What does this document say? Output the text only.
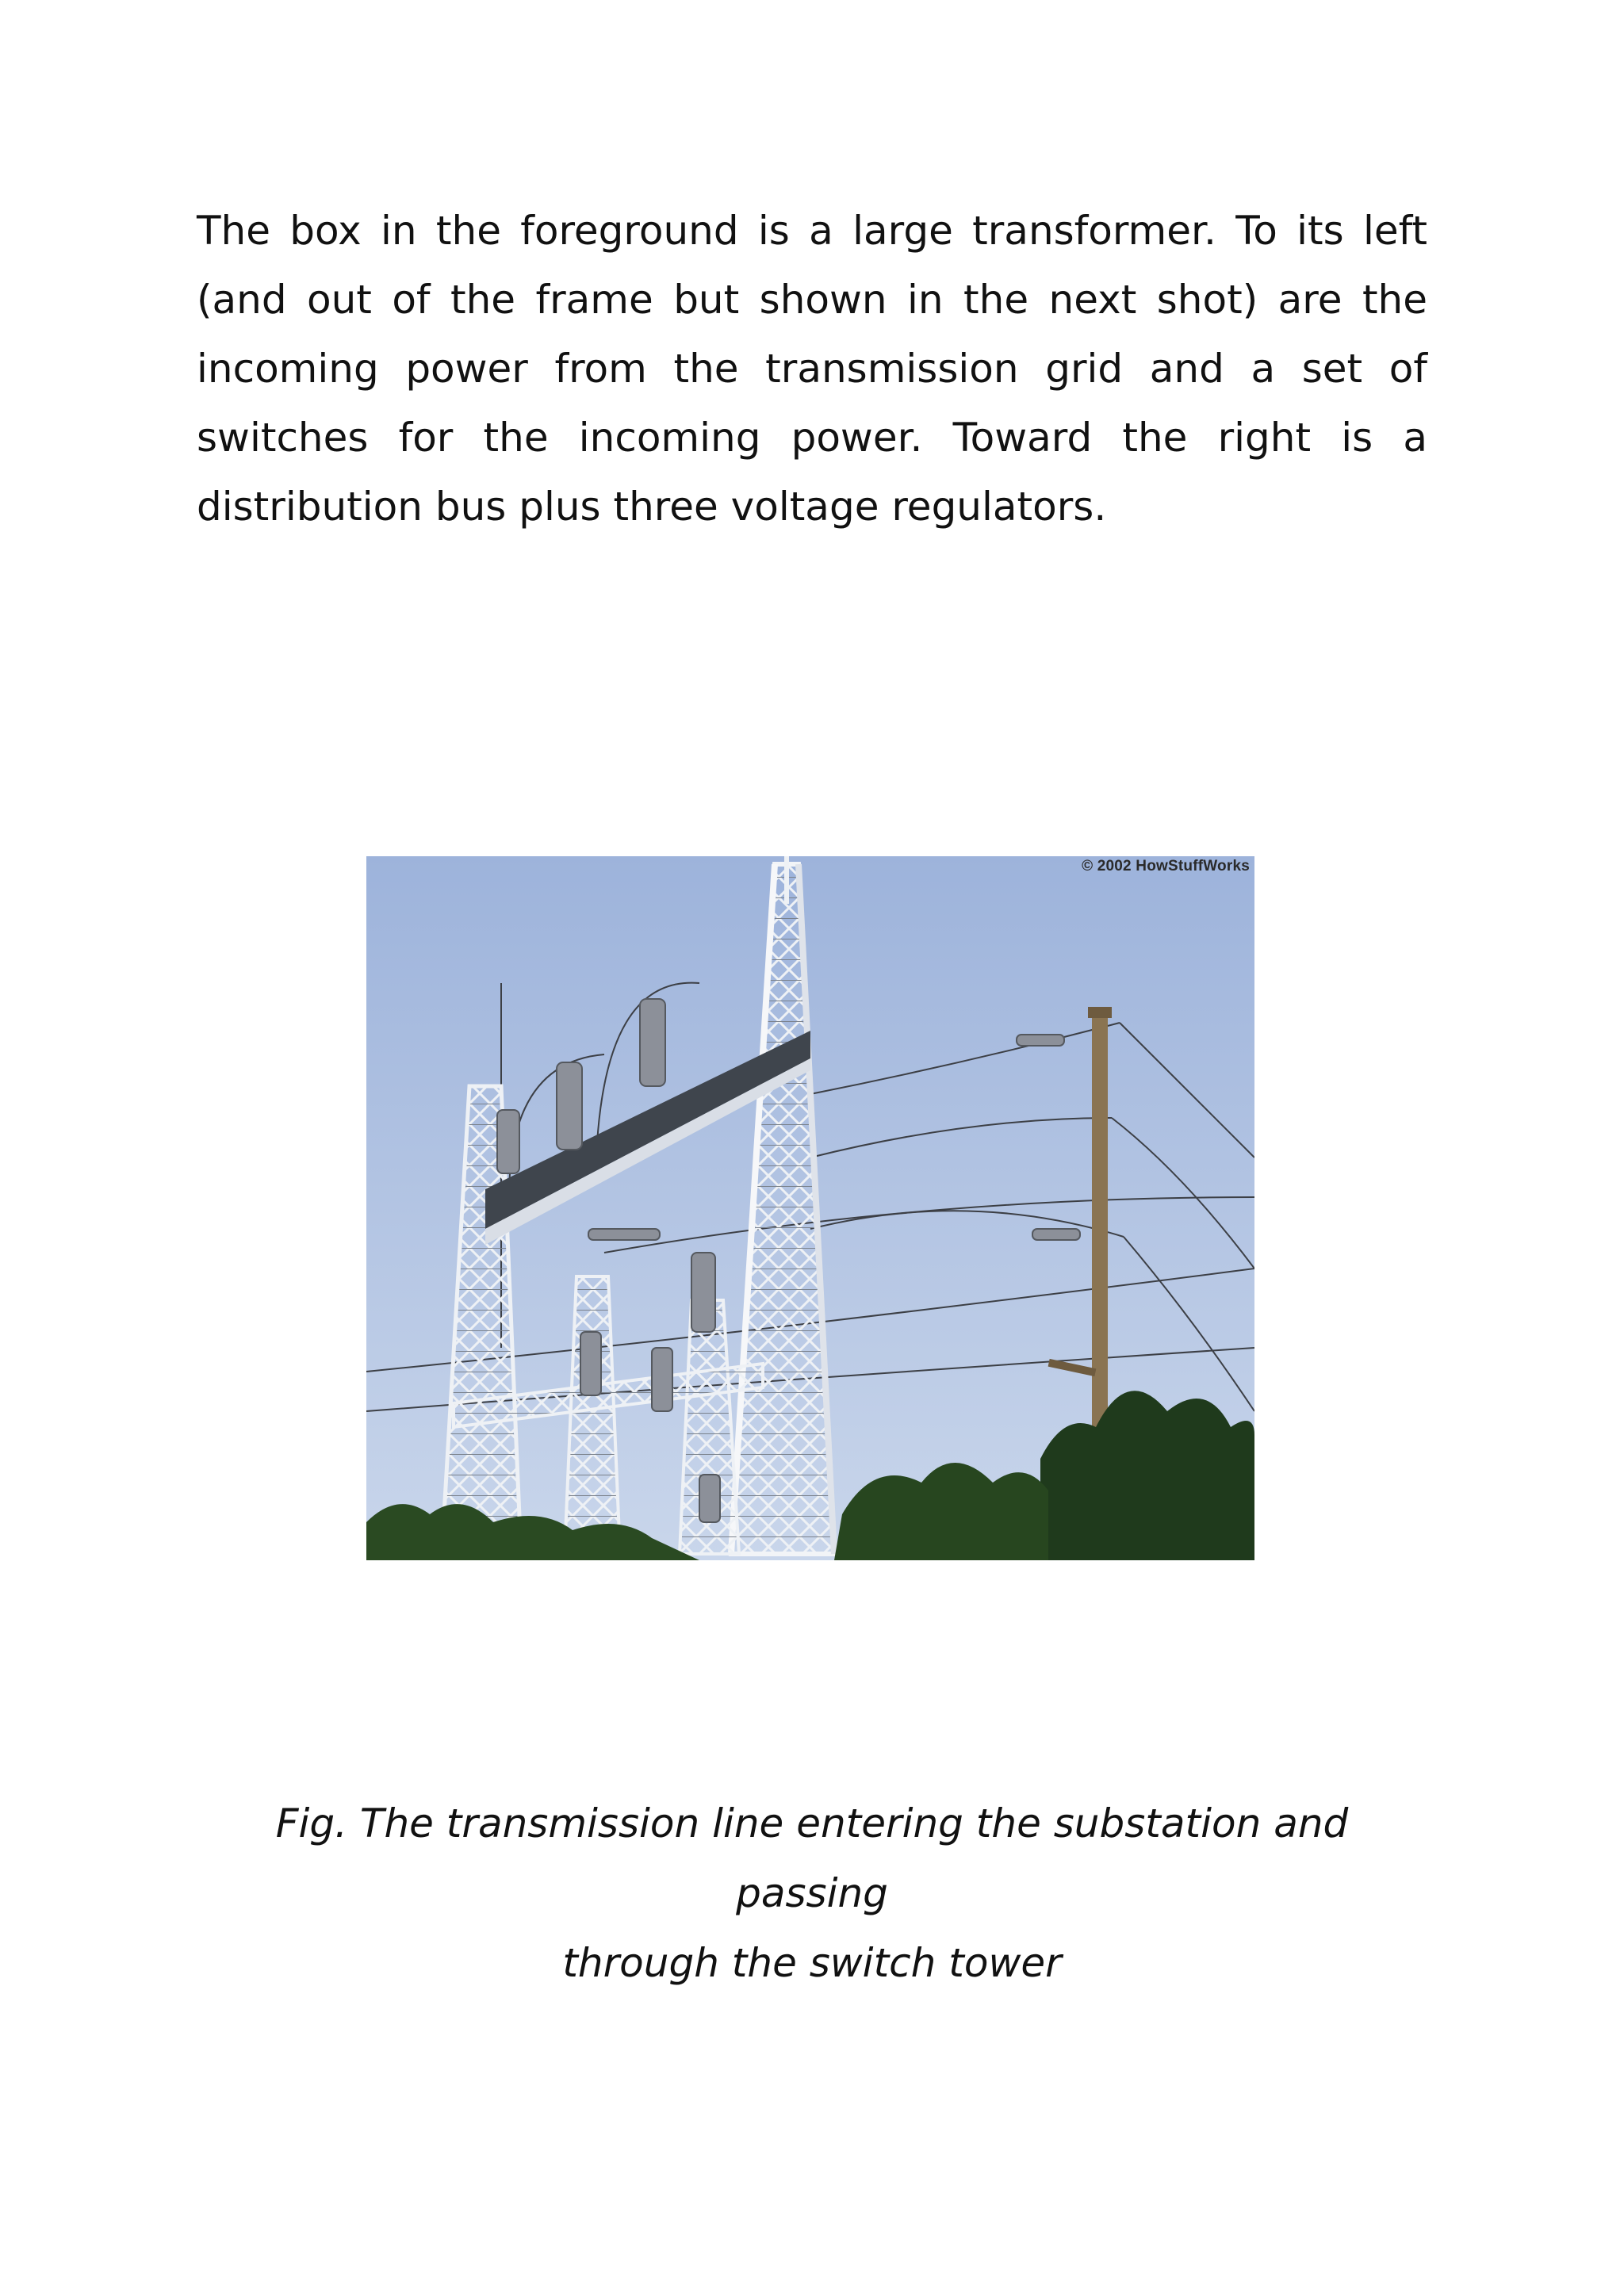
The box in the foreground is a large transformer. To its left (and out of the frame but shown in the next shot) are the incoming power from the transmission grid and a set of switches for the incoming power. Toward the right is a distribution bus plus three voltage regulators.

© 2002 HowStuffWorks

Fig. The transmission line entering the substation and passing
through the switch tower
